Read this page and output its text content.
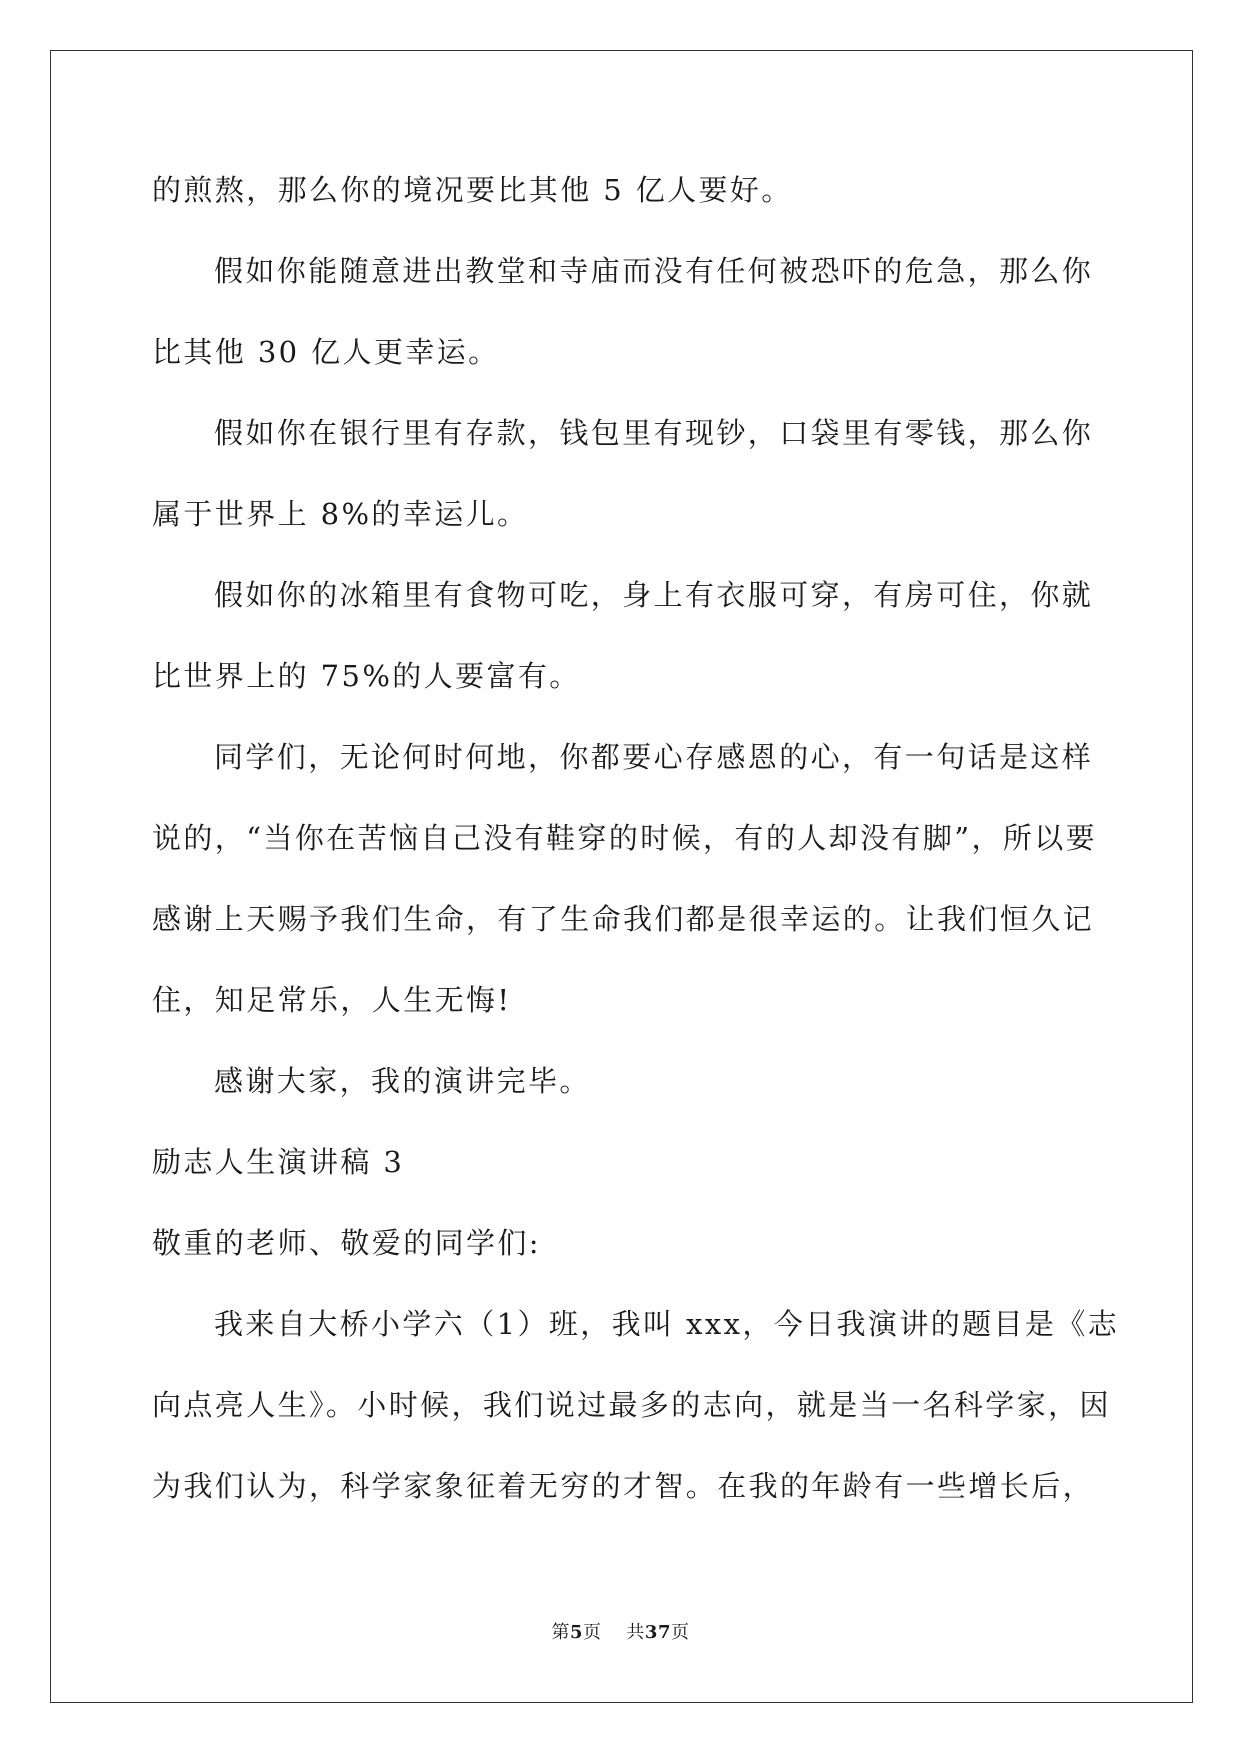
的煎熬，那么你的境况要比其他 5 亿人要好。
假如你能随意进出教堂和寺庙而没有任何被恐吓的危急，那么你
比其他 30 亿人更幸运。
假如你在银行里有存款，钱包里有现钞，口袋里有零钱，那么你
属于世界上 8%的幸运儿。
假如你的冰箱里有食物可吃，身上有衣服可穿，有房可住，你就
比世界上的 75%的人要富有。
同学们，无论何时何地，你都要心存感恩的心，有一句话是这样
说的，“当你在苦恼自己没有鞋穿的时候，有的人却没有脚”，所以要
感谢上天赐予我们生命，有了生命我们都是很幸运的。让我们恒久记
住，知足常乐，人生无悔!
感谢大家，我的演讲完毕。
励志人生演讲稿 3
敬重的老师、敬爱的同学们:
我来自大桥小学六（1）班，我叫 xxx，今日我演讲的题目是《志
向点亮人生》。小时候，我们说过最多的志向，就是当一名科学家，因
为我们认为，科学家象征着无穷的才智。在我的年龄有一些增长后，
第5页 共37页
